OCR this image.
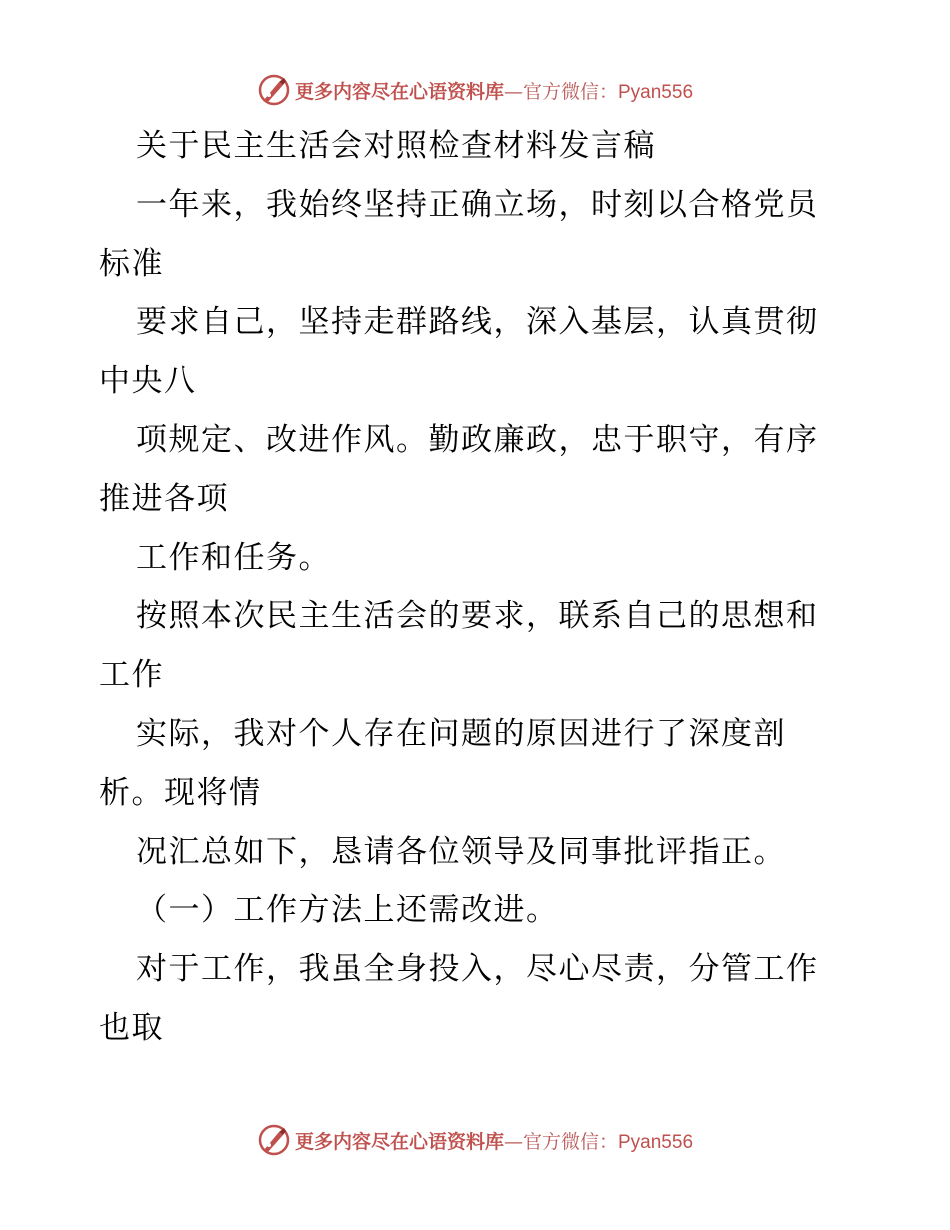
更多内容尽在心语资料库—官方微信：Pyan556
关于民主生活会对照检查材料发言稿
一年来，我始终坚持正确立场，时刻以合格党员
标准
要求自己，坚持走群路线，深入基层，认真贯彻
中央八
项规定、改进作风。勤政廉政，忠于职守，有序
推进各项
工作和任务。
按照本次民主生活会的要求，联系自己的思想和
工作
实际，我对个人存在问题的原因进行了深度剖
析。现将情
况汇总如下，恳请各位领导及同事批评指正。
（一）工作方法上还需改进。
对于工作，我虽全身投入，尽心尽责，分管工作
也取
更多内容尽在心语资料库—官方微信：Pyan556
